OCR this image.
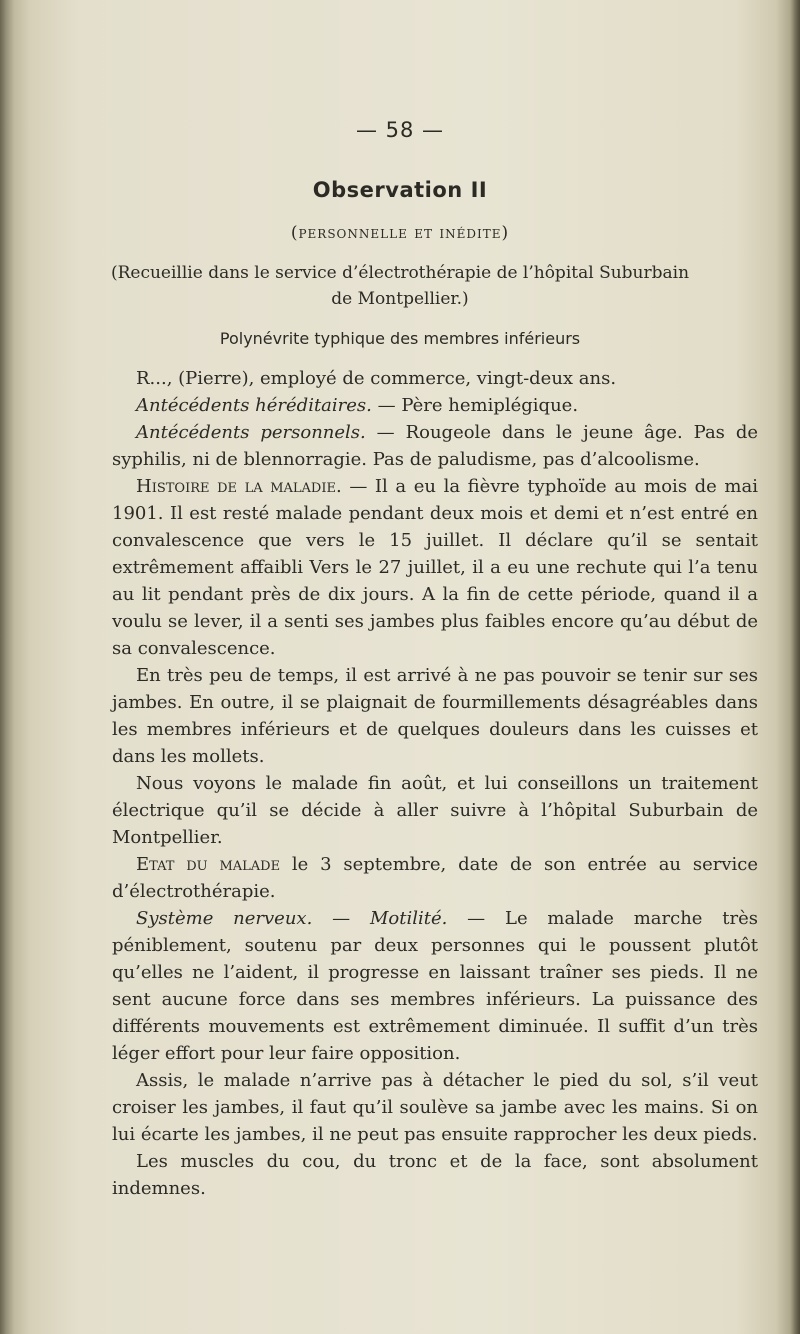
— 58 —
Observation II
(personnelle et inédite)
(Recueillie dans le service d’électrothérapie de l’hôpital Suburbain
de Montpellier.)
Polynévrite typhique des membres inférieurs

R..., (Pierre), employé de commerce, vingt-deux ans.

Antécédents héréditaires. — Père hemiplégique.

Antécédents personnels. — Rougeole dans le jeune âge. Pas de syphilis, ni de blennorragie. Pas de paludisme, pas d’alcoolisme.

Histoire de la maladie. — Il a eu la fièvre typhoïde au mois de mai 1901. Il est resté malade pendant deux mois et demi et n’est entré en convalescence que vers le 15 juillet. Il déclare qu’il se sentait extrêmement affaibli Vers le 27 juillet, il a eu une rechute qui l’a tenu au lit pendant près de dix jours. A la fin de cette période, quand il a voulu se lever, il a senti ses jambes plus faibles encore qu’au début de sa convalescence.

En très peu de temps, il est arrivé à ne pas pouvoir se tenir sur ses jambes. En outre, il se plaignait de fourmillements désagréables dans les membres inférieurs et de quelques douleurs dans les cuisses et dans les mollets.

Nous voyons le malade fin août, et lui conseillons un traitement électrique qu’il se décide à aller suivre à l’hôpital Suburbain de Montpellier.

Etat du malade le 3 septembre, date de son entrée au service d’électrothérapie.

Système nerveux. — Motilité. — Le malade marche très péniblement, soutenu par deux personnes qui le poussent plutôt qu’elles ne l’aident, il progresse en laissant traîner ses pieds. Il ne sent aucune force dans ses membres inférieurs. La puissance des différents mouvements est extrêmement diminuée. Il suffit d’un très léger effort pour leur faire opposition.

Assis, le malade n’arrive pas à détacher le pied du sol, s’il veut croiser les jambes, il faut qu’il soulève sa jambe avec les mains. Si on lui écarte les jambes, il ne peut pas ensuite rapprocher les deux pieds.

Les muscles du cou, du tronc et de la face, sont absolument indemnes.
